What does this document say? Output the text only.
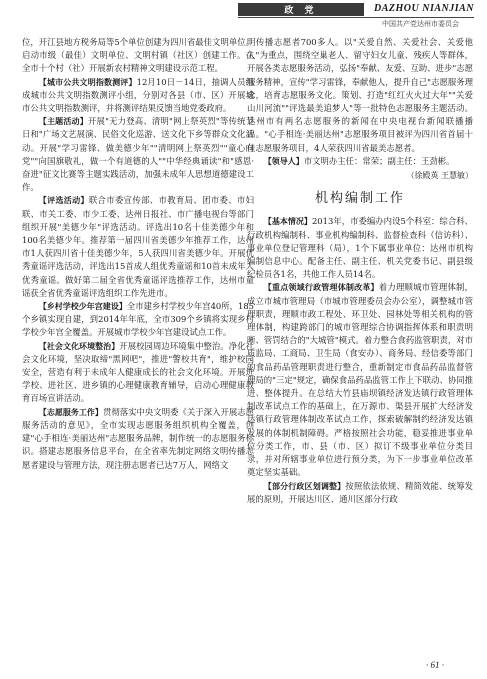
政 党	DAZHOU NIANJIAN
中国共产党达州市委员会

位，开江县地方税务局等5个单位创建为四川省最佳文明单位。启动市级（最佳）文明单位、文明村镇（社区）创建工作。在全市十个村（社）开展新农村精神文明建设示范工程。

【城市公共文明指数测评】12月10日－14日，抽调人员组成城市公共文明指数测评小组，分别对各县（市、区）开展城市公共文明指数测评，并将测评结果反馈当地党委政府。

【主题活动】开展"无力登高、清明"网上祭英烈"等传统节日和"广场文艺展演、民俗文化巡游、送文化下乡等群众文化活动。开展"学习雷锋、做美德少年""清明网上祭英烈""童心向党""向国旗敬礼，做一个有道德的人""中华经典诵读"和"感恩·奋进"征文比赛等主题实践活动，加强未成年人思想道德建设工作。

【评选活动】联合市委宣传部、市教育局、团市委、市妇联、市关工委、市少工委、达州日报社、市广播电视台等部门组织开展"美德少年"评选活动。评选出10名十佳美德少年和100名美德少年。推荐第一届四川省美德少年推荐工作，达州市1人获四川省十佳美德少年，5人获四川省美德少年。开展优秀童谣评选活动，评选出15首成人组优秀童谣和10首未成年人优秀童谣。做好第二届全省优秀童谣评选推荐工作，达州市童谣获全省优秀童谣评选组织工作先进市。

【乡村学校少年宫建设】全市建乡村学校少年宫40所，185个乡镇实现自建，到2014年年底，全市309个乡镇将实现乡村学校少年宫全覆盖。开展城市学校少年宫建设试点工作。

【社会文化环境整治】开展校园周边环境集中整治。净化社会文化环境，坚决取缔"黑网吧"，推进"警校共育"，维护校园安全，营造有利于未成年人健康成长的社会文化环境。开展进学校、进社区、进乡镇的心理健康教育辅导，启动心理健康教育百场宣讲活动。

【志愿服务工作】贯彻落实中央文明委《关于深入开展志愿服务活动的意见》，全市实现志愿服务组织机构全覆盖，创建"心手相连·美丽达州"志愿服务品牌，制作统一的志愿服务标识。搭建志愿服务信息平台，在全省率先制定网络文明传播志愿者建设与管理方法，现注册志愿者已达7万人，网络文

明传播志愿者700多人。以"关爱自然、关爱社会、关爱他人"为重点，围绕空巢老人、留守妇女儿童、残疾人等群体，开展各类志愿服务活动，弘扬"奉献、友爱、互助、进步"志愿服务精神，宣传"学习雷锋，奉献他人，提升自己"志愿服务理念，培育志愿服务文化。策划、打造"红红火火过大年""关爱山川河流""评选最美追梦人"等一批特色志愿服务主题活动。达州市有两名志愿服务的新闻在中央电视台新闻联播播出。"心手相连·美丽达州"志愿服务项目被评为四川省首届十佳志愿服务项目，4人荣获四川省最美志愿者。

【领导人】市文明办主任：常荣；副主任：王劲彬。

（徐殿英 王慧敏）
机构编制工作

【基本情况】2013年，市委编办内设5个科室：综合科、行政机构编制科、事业机构编制科、监督检查科（信访科）、事业单位登记管理科（局），1个下属事业单位：达州市机构编制信息中心。配备主任、副主任、机关党委书记、副县级纪检员各1名，共他工作人员14名。

【重点领域行政管理体制改革】着力理顺城市管理体制，成立市城市管理局（市城市管理委员会办公室），调整城市管理职责，理顺市政工程处、环卫处、园林处等相关机构的管理体制，构建跨部门的城市管理综合协调指挥体系和职责明晰、管罚结合的"大城管"模式。着力整合食药监管职责，对市质监局、工商局、卫生局（食安办）、商务局、经信委等部门的食品药品管理职责进行整合，重新制定市食品药品监督管理局的"三定"规定，确保食品药品监管工作上下联动、协同推进、整体提升。在总结大竹县庙坝镇经济发达镇行政管理体制改革试点工作的基础上，在万源市、渠县开展扩大经济发达镇行政管理体制改革试点工作，探索破解制约经济发达镇发展的体制机制障碍。严格按照社会功能，稳妥推进事业单位分类工作，市、县（市、区）拟订不级事业单位分类目录，并对所辖事业单位进行预分类，为下一步事业单位改革奠定坚实基础。

【部分行政区划调整】按照依法依规、精简效能、统筹发展的原则，开展达川区、通川区部分行政

· 61 ·
